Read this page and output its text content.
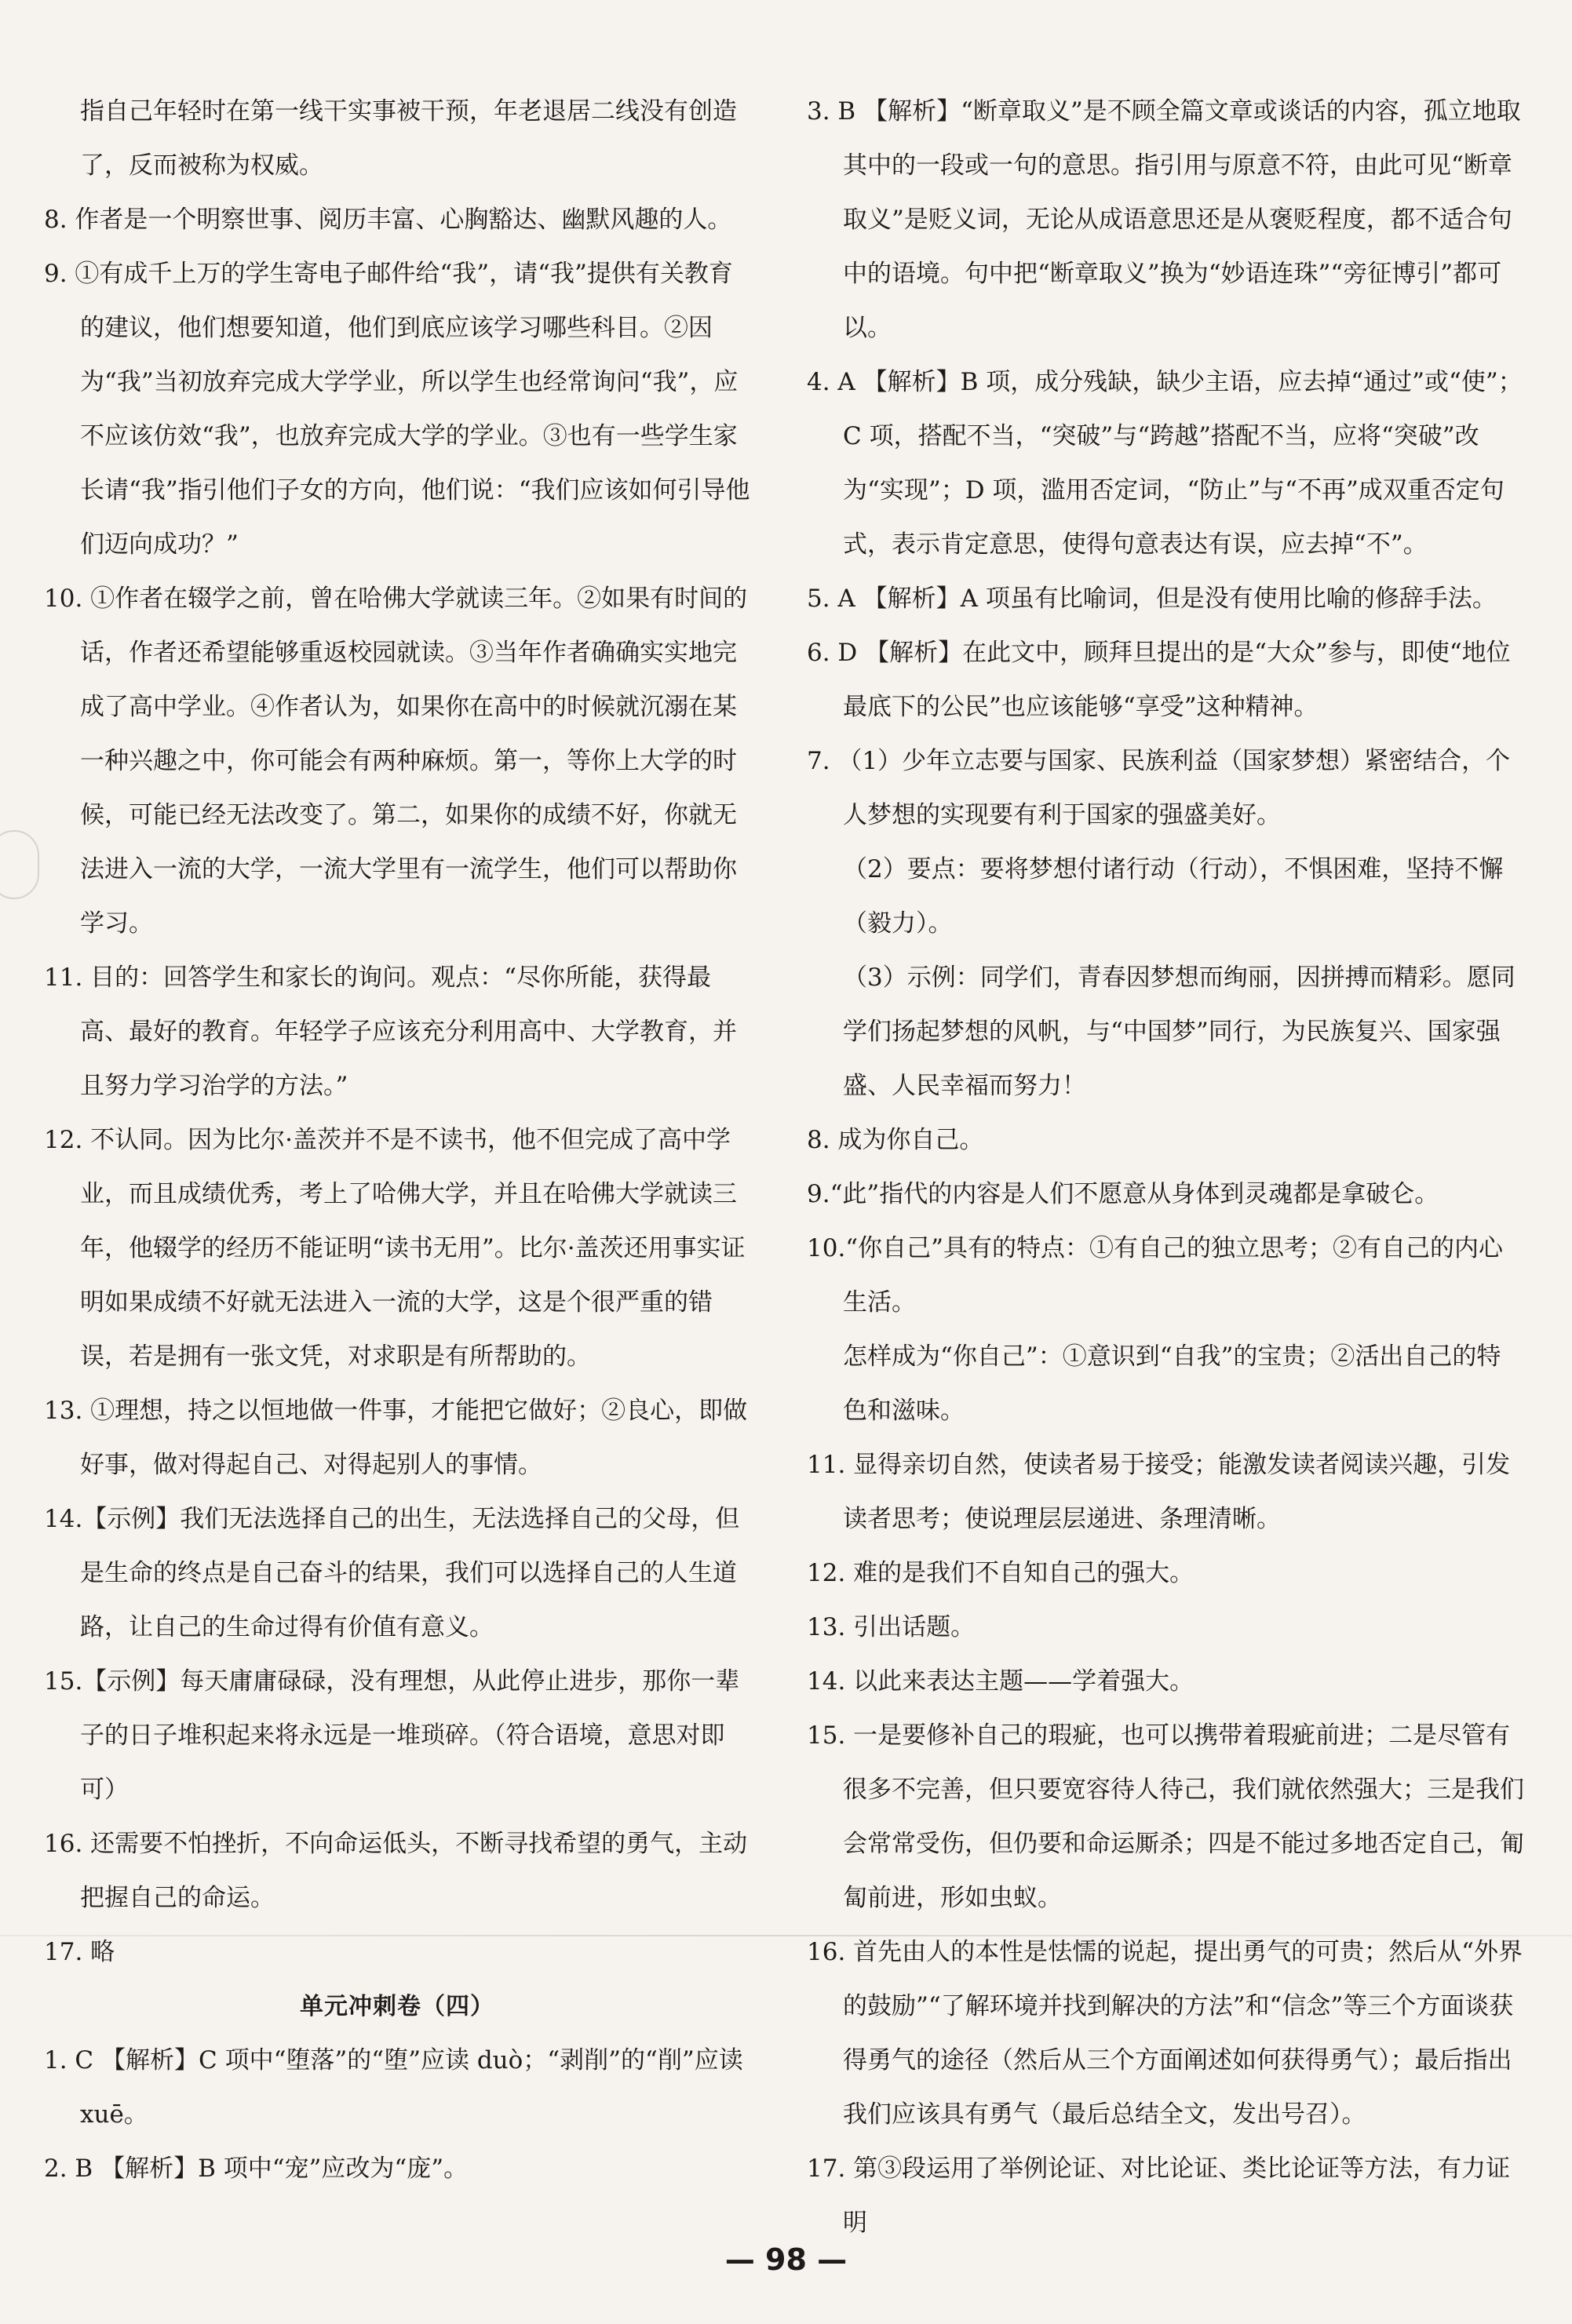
指自己年轻时在第一线干实事被干预，年老退居二线没有创造了，反而被称为权威。

8. 作者是一个明察世事、阅历丰富、心胸豁达、幽默风趣的人。

9. ①有成千上万的学生寄电子邮件给“我”，请“我”提供有关教育的建议，他们想要知道，他们到底应该学习哪些科目。②因为“我”当初放弃完成大学学业，所以学生也经常询问“我”，应不应该仿效“我”，也放弃完成大学的学业。③也有一些学生家长请“我”指引他们子女的方向，他们说：“我们应该如何引导他们迈向成功？”

10. ①作者在辍学之前，曾在哈佛大学就读三年。②如果有时间的话，作者还希望能够重返校园就读。③当年作者确确实实地完成了高中学业。④作者认为，如果你在高中的时候就沉溺在某一种兴趣之中，你可能会有两种麻烦。第一，等你上大学的时候，可能已经无法改变了。第二，如果你的成绩不好，你就无法进入一流的大学，一流大学里有一流学生，他们可以帮助你学习。

11. 目的：回答学生和家长的询问。观点：“尽你所能，获得最高、最好的教育。年轻学子应该充分利用高中、大学教育，并且努力学习治学的方法。”

12. 不认同。因为比尔·盖茨并不是不读书，他不但完成了高中学业，而且成绩优秀，考上了哈佛大学，并且在哈佛大学就读三年，他辍学的经历不能证明“读书无用”。比尔·盖茨还用事实证明如果成绩不好就无法进入一流的大学，这是个很严重的错误，若是拥有一张文凭，对求职是有所帮助的。

13. ①理想，持之以恒地做一件事，才能把它做好；②良心，即做好事，做对得起自己、对得起别人的事情。

14.【示例】我们无法选择自己的出生，无法选择自己的父母，但是生命的终点是自己奋斗的结果，我们可以选择自己的人生道路，让自己的生命过得有价值有意义。

15.【示例】每天庸庸碌碌，没有理想，从此停止进步，那你一辈子的日子堆积起来将永远是一堆琐碎。（符合语境，意思对即可）

16. 还需要不怕挫折，不向命运低头，不断寻找希望的勇气，主动把握自己的命运。

17. 略

单元冲刺卷（四）

1. C 【解析】C 项中“堕落”的“堕”应读 duò；“剥削”的“削”应读 xuē。

2. B 【解析】B 项中“宠”应改为“庞”。

3. B 【解析】“断章取义”是不顾全篇文章或谈话的内容，孤立地取其中的一段或一句的意思。指引用与原意不符，由此可见“断章取义”是贬义词，无论从成语意思还是从褒贬程度，都不适合句中的语境。句中把“断章取义”换为“妙语连珠”“旁征博引”都可以。

4. A 【解析】B 项，成分残缺，缺少主语，应去掉“通过”或“使”；C 项，搭配不当，“突破”与“跨越”搭配不当，应将“突破”改为“实现”；D 项，滥用否定词，“防止”与“不再”成双重否定句式，表示肯定意思，使得句意表达有误，应去掉“不”。

5. A 【解析】A 项虽有比喻词，但是没有使用比喻的修辞手法。

6. D 【解析】在此文中，顾拜旦提出的是“大众”参与，即使“地位最底下的公民”也应该能够“享受”这种精神。

7. （1）少年立志要与国家、民族利益（国家梦想）紧密结合，个人梦想的实现要有利于国家的强盛美好。

（2）要点：要将梦想付诸行动（行动），不惧困难，坚持不懈（毅力）。

（3）示例：同学们，青春因梦想而绚丽，因拼搏而精彩。愿同学们扬起梦想的风帆，与“中国梦”同行，为民族复兴、国家强盛、人民幸福而努力！

8. 成为你自己。

9.“此”指代的内容是人们不愿意从身体到灵魂都是拿破仑。

10.“你自己”具有的特点：①有自己的独立思考；②有自己的内心生活。

怎样成为“你自己”：①意识到“自我”的宝贵；②活出自己的特色和滋味。

11. 显得亲切自然，使读者易于接受；能激发读者阅读兴趣，引发读者思考；使说理层层递进、条理清晰。

12. 难的是我们不自知自己的强大。

13. 引出话题。

14. 以此来表达主题——学着强大。

15. 一是要修补自己的瑕疵，也可以携带着瑕疵前进；二是尽管有很多不完善，但只要宽容待人待己，我们就依然强大；三是我们会常常受伤，但仍要和命运厮杀；四是不能过多地否定自己，匍匐前进，形如虫蚁。

16. 首先由人的本性是怯懦的说起，提出勇气的可贵；然后从“外界的鼓励”“了解环境并找到解决的方法”和“信念”等三个方面谈获得勇气的途径（然后从三个方面阐述如何获得勇气）；最后指出我们应该具有勇气（最后总结全文，发出号召）。

17. 第③段运用了举例论证、对比论证、类比论证等方法，有力证明

— 98 —
